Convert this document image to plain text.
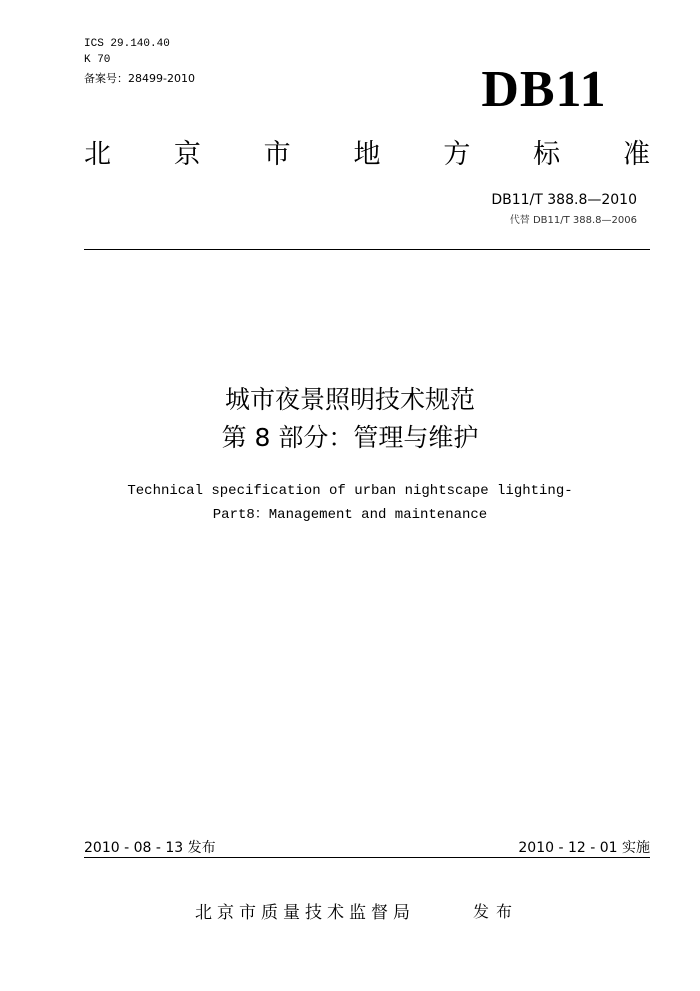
ICS 29.140.40
K 70
备案号：28499-2010	DB11
北 京 市 地 方 标 准
DB11/T 388.8—2010
代替 DB11/T 388.8—2006
城市夜景照明技术规范
第 8 部分：管理与维护
Technical specification of urban nightscape lighting-
Part8：Management and maintenance
2010 - 08 - 13 发布	2010 - 12 - 01 实施
北京市质量技术监督局	发布
